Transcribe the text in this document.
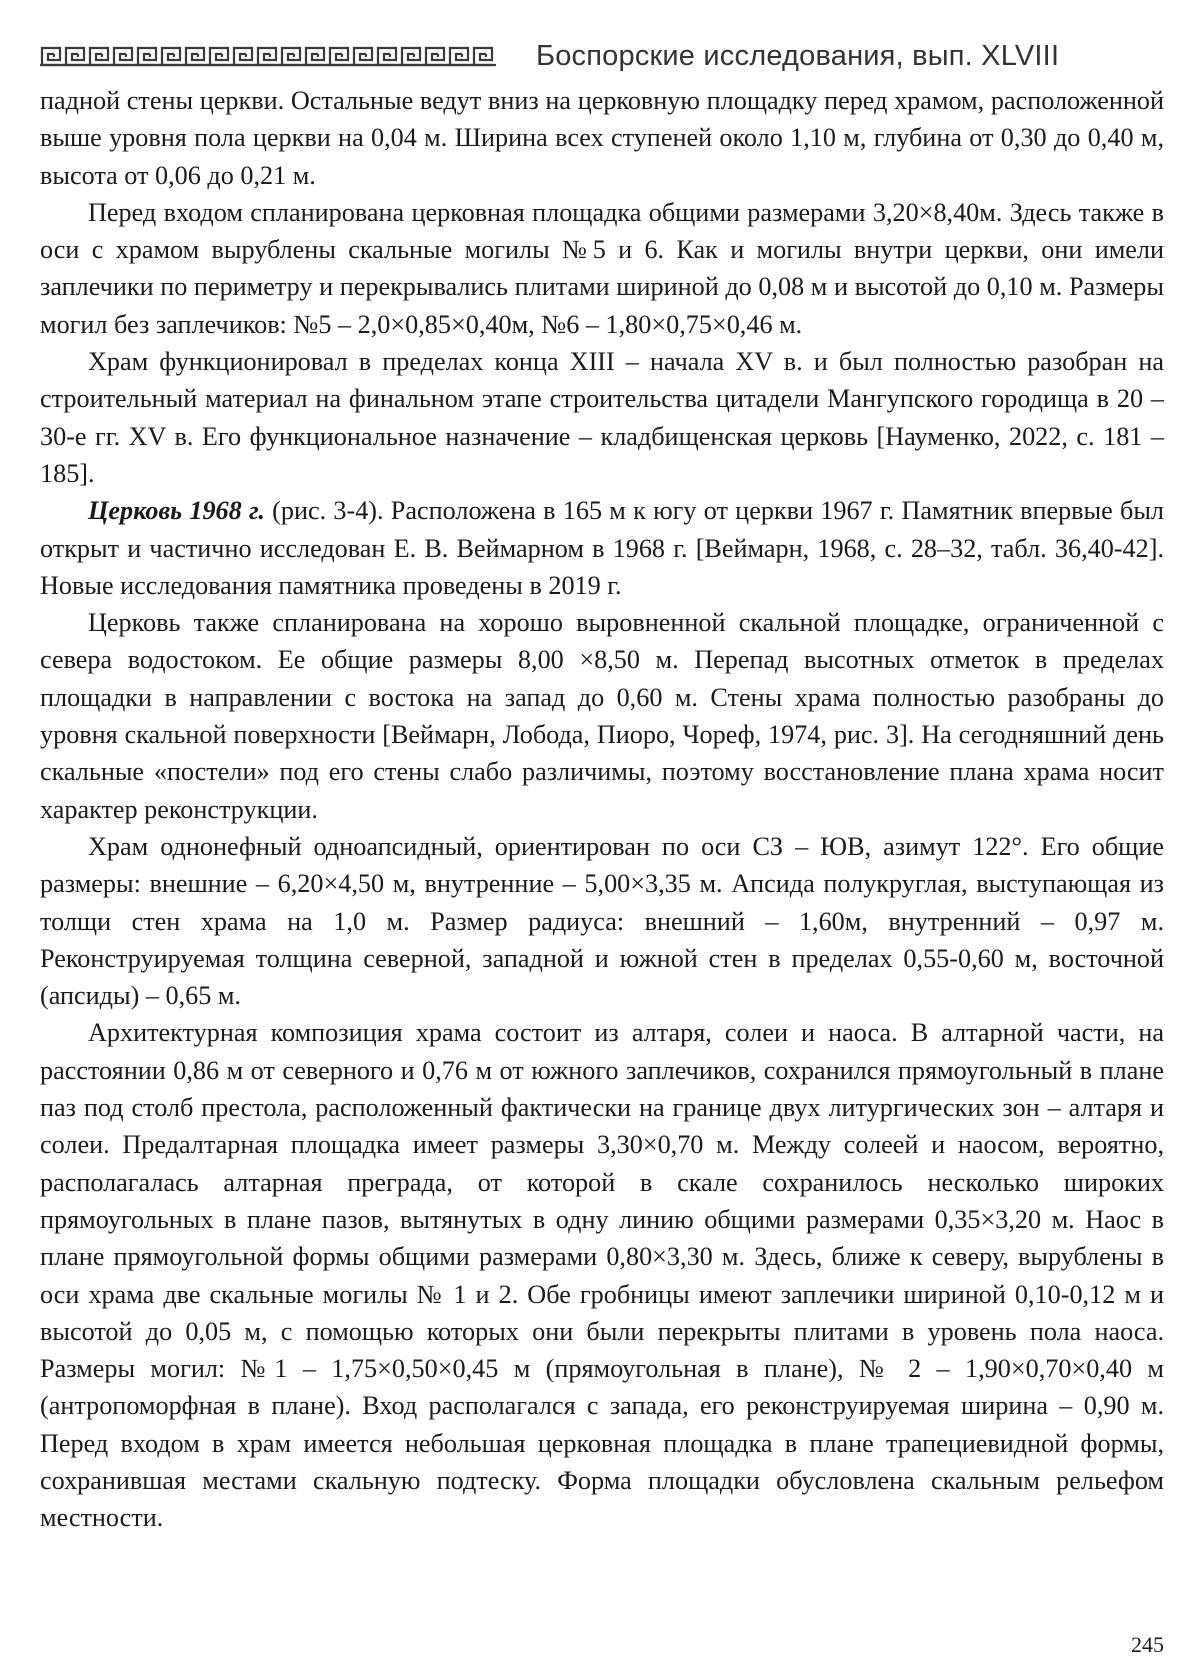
Боспорские исследования, вып. XLVIII

падной стены церкви. Остальные ведут вниз на церковную площадку перед храмом, расположенной выше уровня пола церкви на 0,04 м. Ширина всех ступеней около 1,10 м, глубина от 0,30 до 0,40 м, высота от 0,06 до 0,21 м.

Перед входом спланирована церковная площадка общими размерами 3,20×8,40м. Здесь также в оси с храмом вырублены скальные могилы №5 и 6. Как и могилы внутри церкви, они имели заплечики по периметру и перекрывались плитами шириной до 0,08 м и высотой до 0,10 м. Размеры могил без заплечиков: №5 – 2,0×0,85×0,40м, №6 – 1,80×0,75×0,46 м.

Храм функционировал в пределах конца XIII – начала XV в. и был полностью разобран на строительный материал на финальном этапе строительства цитадели Мангупского городища в 20 – 30-е гг. XV в. Его функциональное назначение – кладбищенская церковь [Науменко, 2022, с. 181 – 185].

Церковь 1968 г. (рис. 3-4). Расположена в 165 м к югу от церкви 1967 г. Памятник впервые был открыт и частично исследован Е. В. Веймарном в 1968 г. [Веймарн, 1968, с. 28–32, табл. 36,40-42]. Новые исследования памятника проведены в 2019 г.

Церковь также спланирована на хорошо выровненной скальной площадке, ограниченной с севера водостоком. Ее общие размеры 8,00 ×8,50 м. Перепад высотных отметок в пределах площадки в направлении с востока на запад до 0,60 м. Стены храма полностью разобраны до уровня скальной поверхности [Веймарн, Лобода, Пиоро, Чореф, 1974, рис. 3]. На сегодняшний день скальные «постели» под его стены слабо различимы, поэтому восстановление плана храма носит характер реконструкции.

Храм однонефный одноапсидный, ориентирован по оси СЗ – ЮВ, азимут 122°. Его общие размеры: внешние – 6,20×4,50 м, внутренние – 5,00×3,35 м. Апсида полукруглая, выступающая из толщи стен храма на 1,0 м. Размер радиуса: внешний – 1,60м, внутренний – 0,97 м. Реконструируемая толщина северной, западной и южной стен в пределах 0,55-0,60 м, восточной (апсиды) – 0,65 м.

Архитектурная композиция храма состоит из алтаря, солеи и наоса. В алтарной части, на расстоянии 0,86 м от северного и 0,76 м от южного заплечиков, сохранился прямоугольный в плане паз под столб престола, расположенный фактически на границе двух литургических зон – алтаря и солеи. Предалтарная площадка имеет размеры 3,30×0,70 м. Между солеей и наосом, вероятно, располагалась алтарная преграда, от которой в скале сохранилось несколько широких прямоугольных в плане пазов, вытянутых в одну линию общими размерами 0,35×3,20 м. Наос в плане прямоугольной формы общими размерами 0,80×3,30 м. Здесь, ближе к северу, вырублены в оси храма две скальные могилы № 1 и 2. Обе гробницы имеют заплечики шириной 0,10-0,12 м и высотой до 0,05 м, с помощью которых они были перекрыты плитами в уровень пола наоса. Размеры могил: №1 – 1,75×0,50×0,45 м (прямоугольная в плане), № 2 – 1,90×0,70×0,40 м (антропоморфная в плане). Вход располагался с запада, его реконструируемая ширина – 0,90 м. Перед входом в храм имеется небольшая церковная площадка в плане трапециевидной формы, сохранившая местами скальную подтеску. Форма площадки обусловлена скальным рельефом местности.

245
